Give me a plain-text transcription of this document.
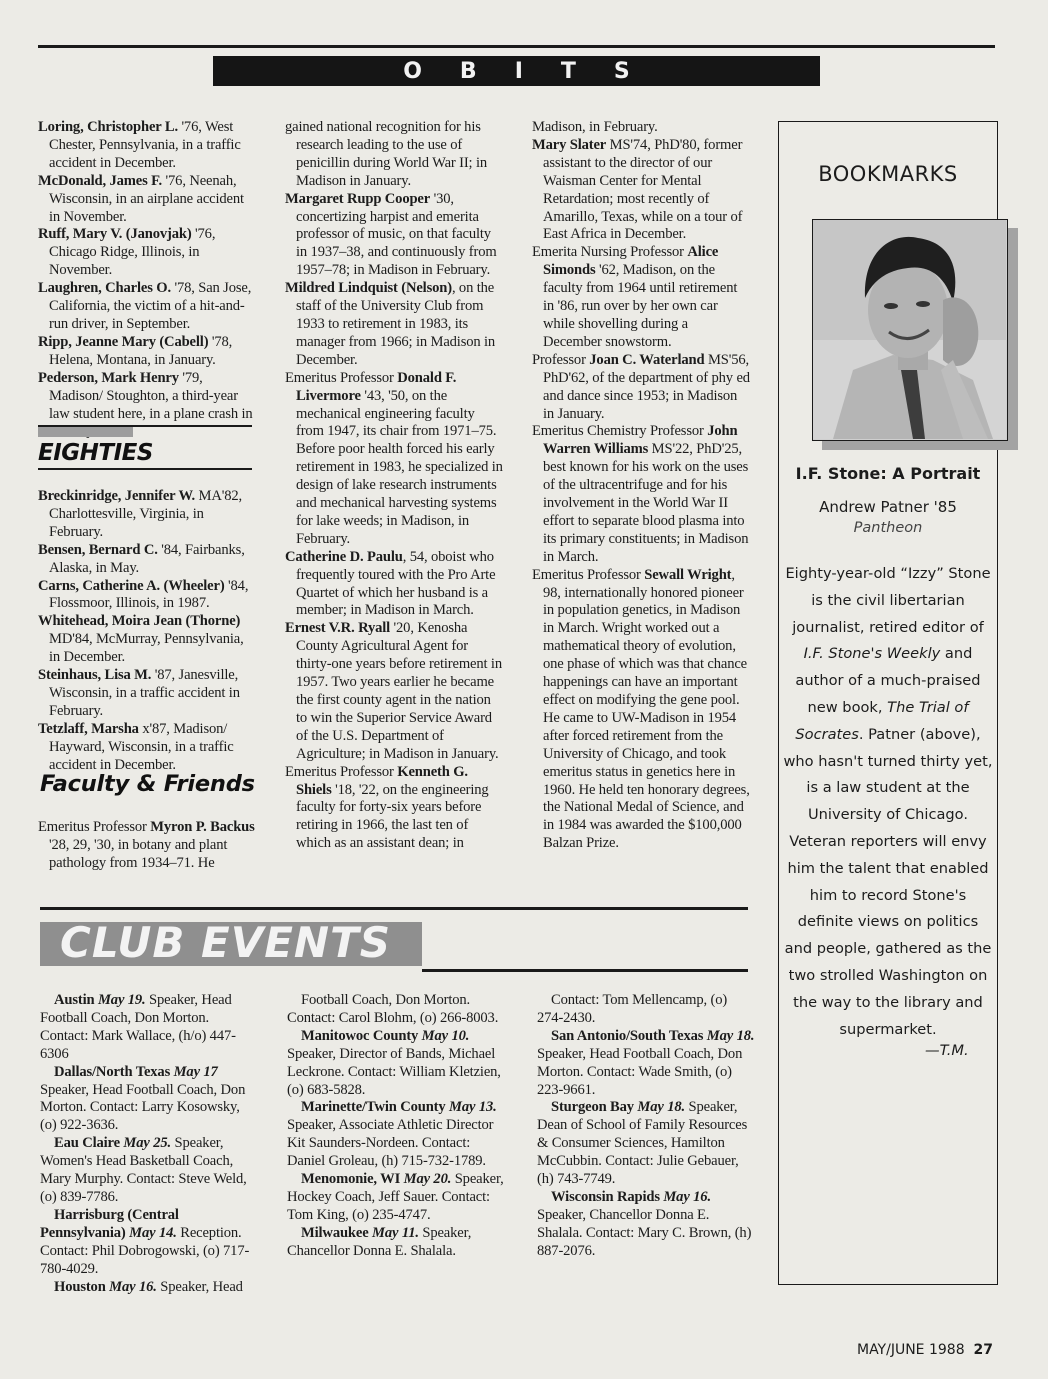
O B I T S
Loring, Christopher L. '76, West Chester, Pennsylvania, in a traffic accident in December.
McDonald, James F. '76, Neenah, Wisconsin, in an airplane accident in November.
Ruff, Mary V. (Janovjak) '76, Chicago Ridge, Illinois, in November.
Laughren, Charles O. '78, San Jose, California, the victim of a hit-and-run driver, in September.
Ripp, Jeanne Mary (Cabell) '78, Helena, Montana, in January.
Pederson, Mark Henry '79, Madison/ Stoughton, a third-year law student here, in a plane crash in
EIGHTIES
Breckinridge, Jennifer W. MA'82, Charlottesville, Virginia, in February.
Bensen, Bernard C. '84, Fairbanks, Alaska, in May.
Carns, Catherine A. (Wheeler) '84, Flossmoor, Illinois, in 1987.
Whitehead, Moira Jean (Thorne) MD'84, McMurray, Pennsylvania, in December.
Steinhaus, Lisa M. '87, Janesville, Wisconsin, in a traffic accident in February.
Tetzlaff, Marsha x'87, Madison/ Hayward, Wisconsin, in a traffic accident in December.
Faculty & Friends
Emeritus Professor Myron P. Backus '28, 29, '30, in botany and plant pathology from 1934–71. He
gained national recognition for his research leading to the use of penicillin during World War II; in Madison in January.
Margaret Rupp Cooper '30, concertizing harpist and emerita professor of music, on that faculty in 1937–38, and continuously from 1957–78; in Madison in February.
Mildred Lindquist (Nelson), on the staff of the University Club from 1933 to retirement in 1983, its manager from 1966; in Madison in December.
Emeritus Professor Donald F. Livermore '43, '50, on the mechanical engineering faculty from 1947, its chair from 1971–75. Before poor health forced his early retirement in 1983, he specialized in design of lake research instruments and mechanical harvesting systems for lake weeds; in Madison, in February.
Catherine D. Paulu, 54, oboist who frequently toured with the Pro Arte Quartet of which her husband is a member; in Madison in March.
Ernest V.R. Ryall '20, Kenosha County Agricultural Agent for thirty-one years before retirement in 1957. Two years earlier he became the first county agent in the nation to win the Superior Service Award of the U.S. Department of Agriculture; in Madison in January.
Emeritus Professor Kenneth G. Shiels '18, '22, on the engineering faculty for forty-six years before retiring in 1966, the last ten of which as an assistant dean; in
Madison, in February.
Mary Slater MS'74, PhD'80, former assistant to the director of our Waisman Center for Mental Retardation; most recently of Amarillo, Texas, while on a tour of East Africa in December.
Emerita Nursing Professor Alice Simonds '62, Madison, on the faculty from 1964 until retirement in '86, run over by her own car while shovelling during a December snowstorm.
Professor Joan C. Waterland MS'56, PhD'62, of the department of phy ed and dance since 1953; in Madison in January.
Emeritus Chemistry Professor John Warren Williams MS'22, PhD'25, best known for his work on the uses of the ultracentrifuge and for his involvement in the World War II effort to separate blood plasma into its primary constituents; in Madison in March.
Emeritus Professor Sewall Wright, 98, internationally honored pioneer in population genetics, in Madison in March. Wright worked out a mathematical theory of evolution, one phase of which was that chance happenings can have an important effect on modifying the gene pool. He came to UW-Madison in 1954 after forced retirement from the University of Chicago, and took emeritus status in genetics here in 1960. He held ten honorary degrees, the National Medal of Science, and in 1984 was awarded the $100,000 Balzan Prize.
CLUB EVENTS
Austin May 19. Speaker, Head Football Coach, Don Morton. Contact: Mark Wallace, (h/o) 447-6306
Dallas/North Texas May 17 Speaker, Head Football Coach, Don Morton. Contact: Larry Kosowsky, (o) 922-3636.
Eau Claire May 25. Speaker, Women's Head Basketball Coach, Mary Murphy. Contact: Steve Weld, (o) 839-7786.
Harrisburg (Central Pennsylvania) May 14. Reception. Contact: Phil Dobrogowski, (o) 717-780-4029.
Houston May 16. Speaker, Head
Football Coach, Don Morton. Contact: Carol Blohm, (o) 266-8003.
Manitowoc County May 10. Speaker, Director of Bands, Michael Leckrone. Contact: William Kletzien, (o) 683-5828.
Marinette/Twin County May 13. Speaker, Associate Athletic Director Kit Saunders-Nordeen. Contact: Daniel Groleau, (h) 715-732-1789.
Menomonie, WI May 20. Speaker, Hockey Coach, Jeff Sauer. Contact: Tom King, (o) 235-4747.
Milwaukee May 11. Speaker, Chancellor Donna E. Shalala.
Contact: Tom Mellencamp, (o) 274-2430.
San Antonio/South Texas May 18. Speaker, Head Football Coach, Don Morton. Contact: Wade Smith, (o) 223-9661.
Sturgeon Bay May 18. Speaker, Dean of School of Family Resources & Consumer Sciences, Hamilton McCubbin. Contact: Julie Gebauer, (h) 743-7749.
Wisconsin Rapids May 16. Speaker, Chancellor Donna E. Shalala. Contact: Mary C. Brown, (h) 887-2076.
BOOKMARKS
I.F. Stone: A Portrait
Andrew Patner '85
Pantheon
Eighty-year-old “Izzy” Stone is the civil libertarian journalist, retired editor of I.F. Stone's Weekly and author of a much-praised new book, The Trial of Socrates. Patner (above), who hasn't turned thirty yet, is a law student at the University of Chicago. Veteran reporters will envy him the talent that enabled him to record Stone's definite views on politics and people, gathered as the two strolled Washington on the way to the library and supermarket.
—T.M.
MAY/JUNE 1988 27
